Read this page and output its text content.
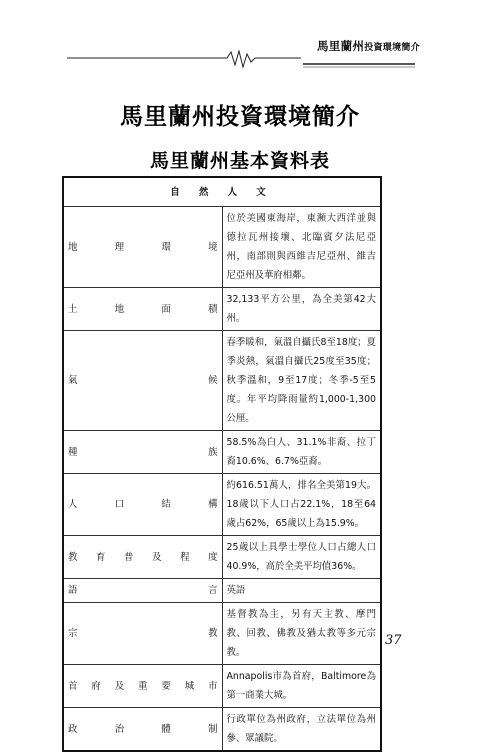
馬里蘭州投資環境簡介
馬里蘭州投資環境簡介
馬里蘭州基本資料表
自 然 人 文	
地理環境	位於美國東海岸，東瀕大西洋並與德拉瓦州接壤、北臨賓夕法尼亞州，南部則與西維吉尼亞州、維吉尼亞州及華府相鄰。
土地面積	32,133平方公里，為全美第42大州。
氣候	春季暖和，氣溫自攝氏8至18度；夏季炎熱，氣溫自攝氏25度至35度；秋季溫和，9至17度；冬季-5至5度。年平均降雨量約1,000-1,300公厘。
種族	58.5%為白人、31.1%非裔、拉丁裔10.6%、6.7%亞裔。
人口結構	約616.51萬人，排名全美第19大。18歲以下人口占22.1%，18至64歲占62%，65歲以上為15.9%。
教育普及程度	25歲以上具學士學位人口占總人口40.9%，高於全美平均值36%。
語言	英語
宗教	基督教為主，另有天主教、摩門教、回教、佛教及猶太教等多元宗教。
首府及重要城市	Annapolis市為首府，Baltimore為第一商業大城。
政治體制	行政單位為州政府，立法單位為州參、眾議院。
37
